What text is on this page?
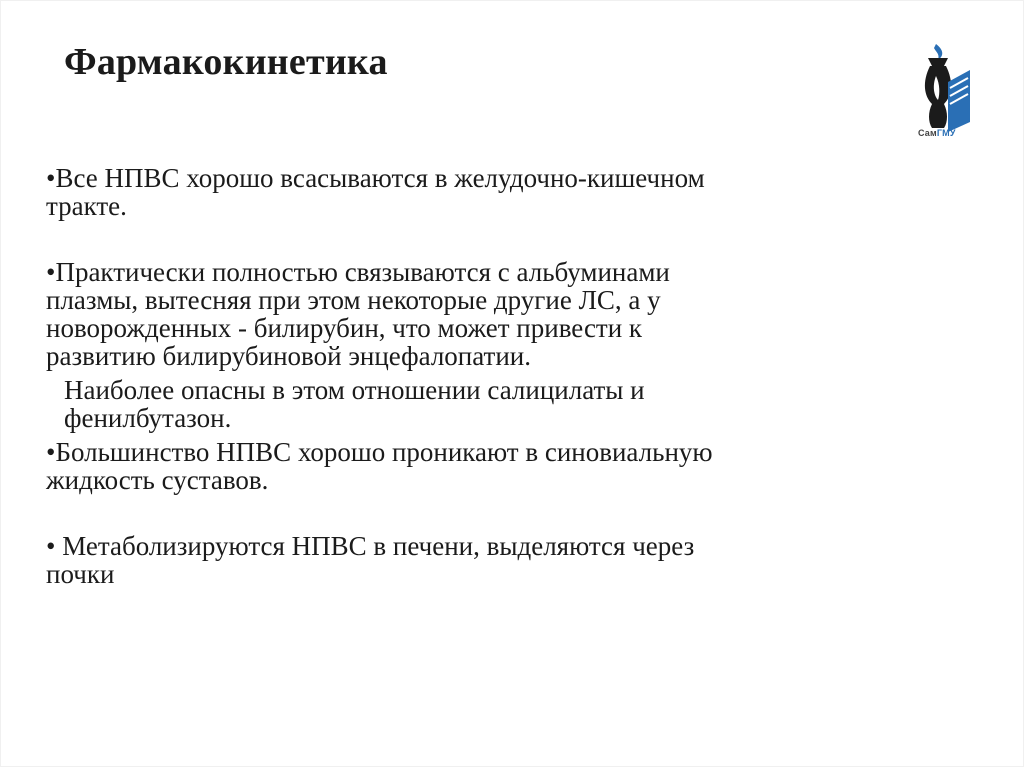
Фармакокинетика
СамГМУ
•Все НПВС хорошо всасываются в желудочно-кишечном
тракте.
•Практически полностью связываются с альбуминами
плазмы, вытесняя при этом некоторые другие ЛС, а у
новорожденных - билирубин, что может привести к
развитию билирубиновой энцефалопатии.
Наиболее опасны в этом отношении салицилаты и
фенилбутазон.
•Большинство НПВС хорошо проникают в синовиальную
жидкость суставов.
• Метаболизируются НПВС в печени, выделяются через
почки
